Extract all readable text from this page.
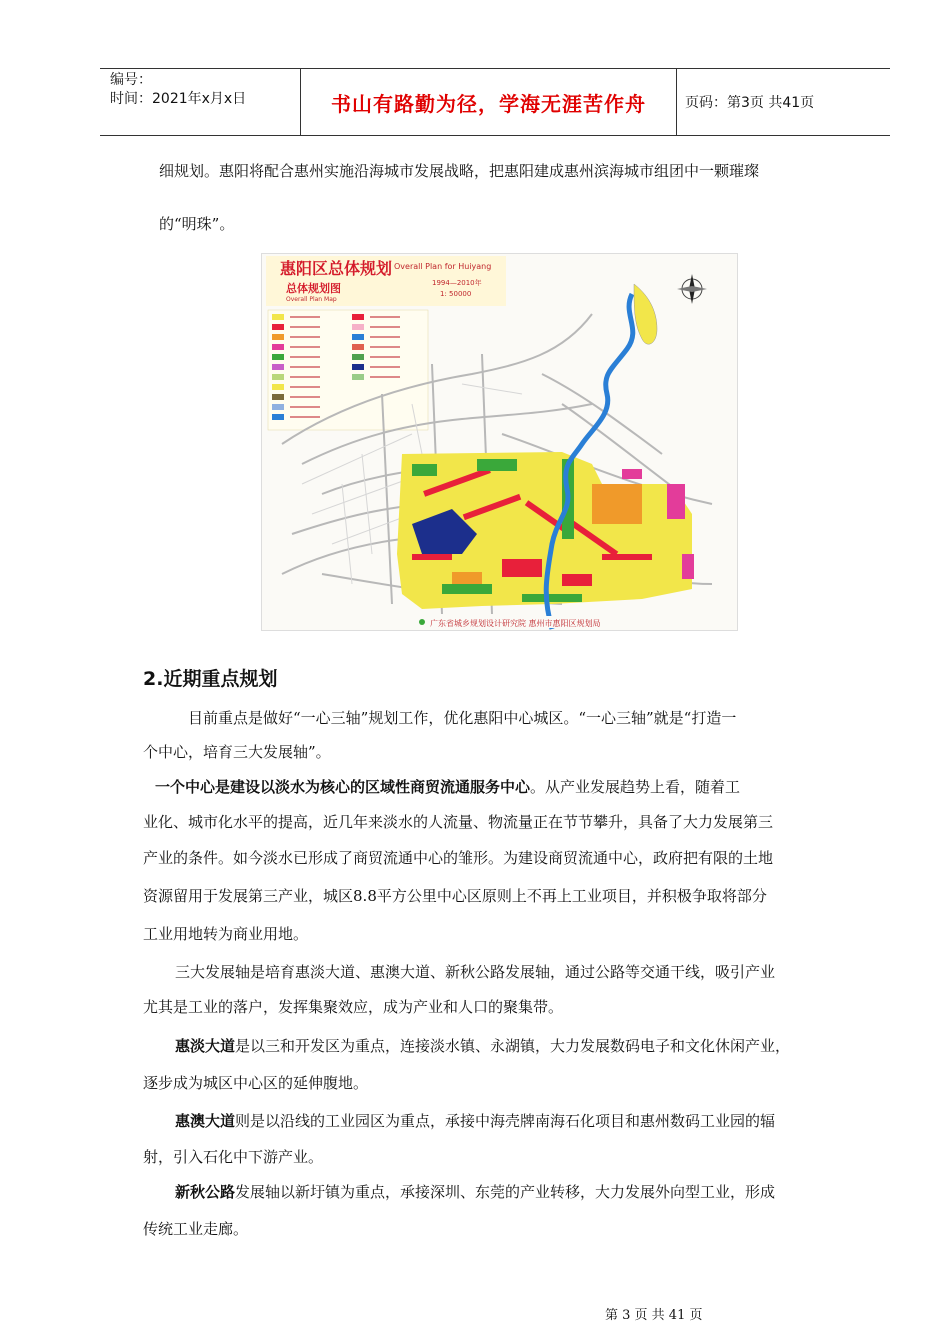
编号：
时间：2021年x月x日	书山有路勤为径，学海无涯苦作舟	页码：第3页 共41页
细规划。惠阳将配合惠州实施沿海城市发展战略，把惠阳建成惠州滨海城市组团中一颗璀璨
的“明珠”。
惠阳区总体规划 Overall Plan for Huiyang
总体规划图
Overall Plan Map
1994—2010年
1: 50000
广东省城乡规划设计研究院 惠州市惠阳区规划局
2.近期重点规划
目前重点是做好“一心三轴”规划工作，优化惠阳中心城区。“一心三轴”就是“打造一
个中心，培育三大发展轴”。
一个中心是建设以淡水为核心的区域性商贸流通服务中心。从产业发展趋势上看，随着工
业化、城市化水平的提高，近几年来淡水的人流量、物流量正在节节攀升，具备了大力发展第三
产业的条件。如今淡水已形成了商贸流通中心的雏形。为建设商贸流通中心，政府把有限的土地
资源留用于发展第三产业，城区8.8平方公里中心区原则上不再上工业项目，并积极争取将部分
工业用地转为商业用地。
三大发展轴是培育惠淡大道、惠澳大道、新秋公路发展轴，通过公路等交通干线，吸引产业
尤其是工业的落户，发挥集聚效应，成为产业和人口的聚集带。
惠淡大道是以三和开发区为重点，连接淡水镇、永湖镇，大力发展数码电子和文化休闲产业，
逐步成为城区中心区的延伸腹地。
惠澳大道则是以沿线的工业园区为重点，承接中海壳牌南海石化项目和惠州数码工业园的辐
射，引入石化中下游产业。
新秋公路发展轴以新圩镇为重点，承接深圳、东莞的产业转移，大力发展外向型工业，形成
传统工业走廊。
第 3 页 共 41 页
